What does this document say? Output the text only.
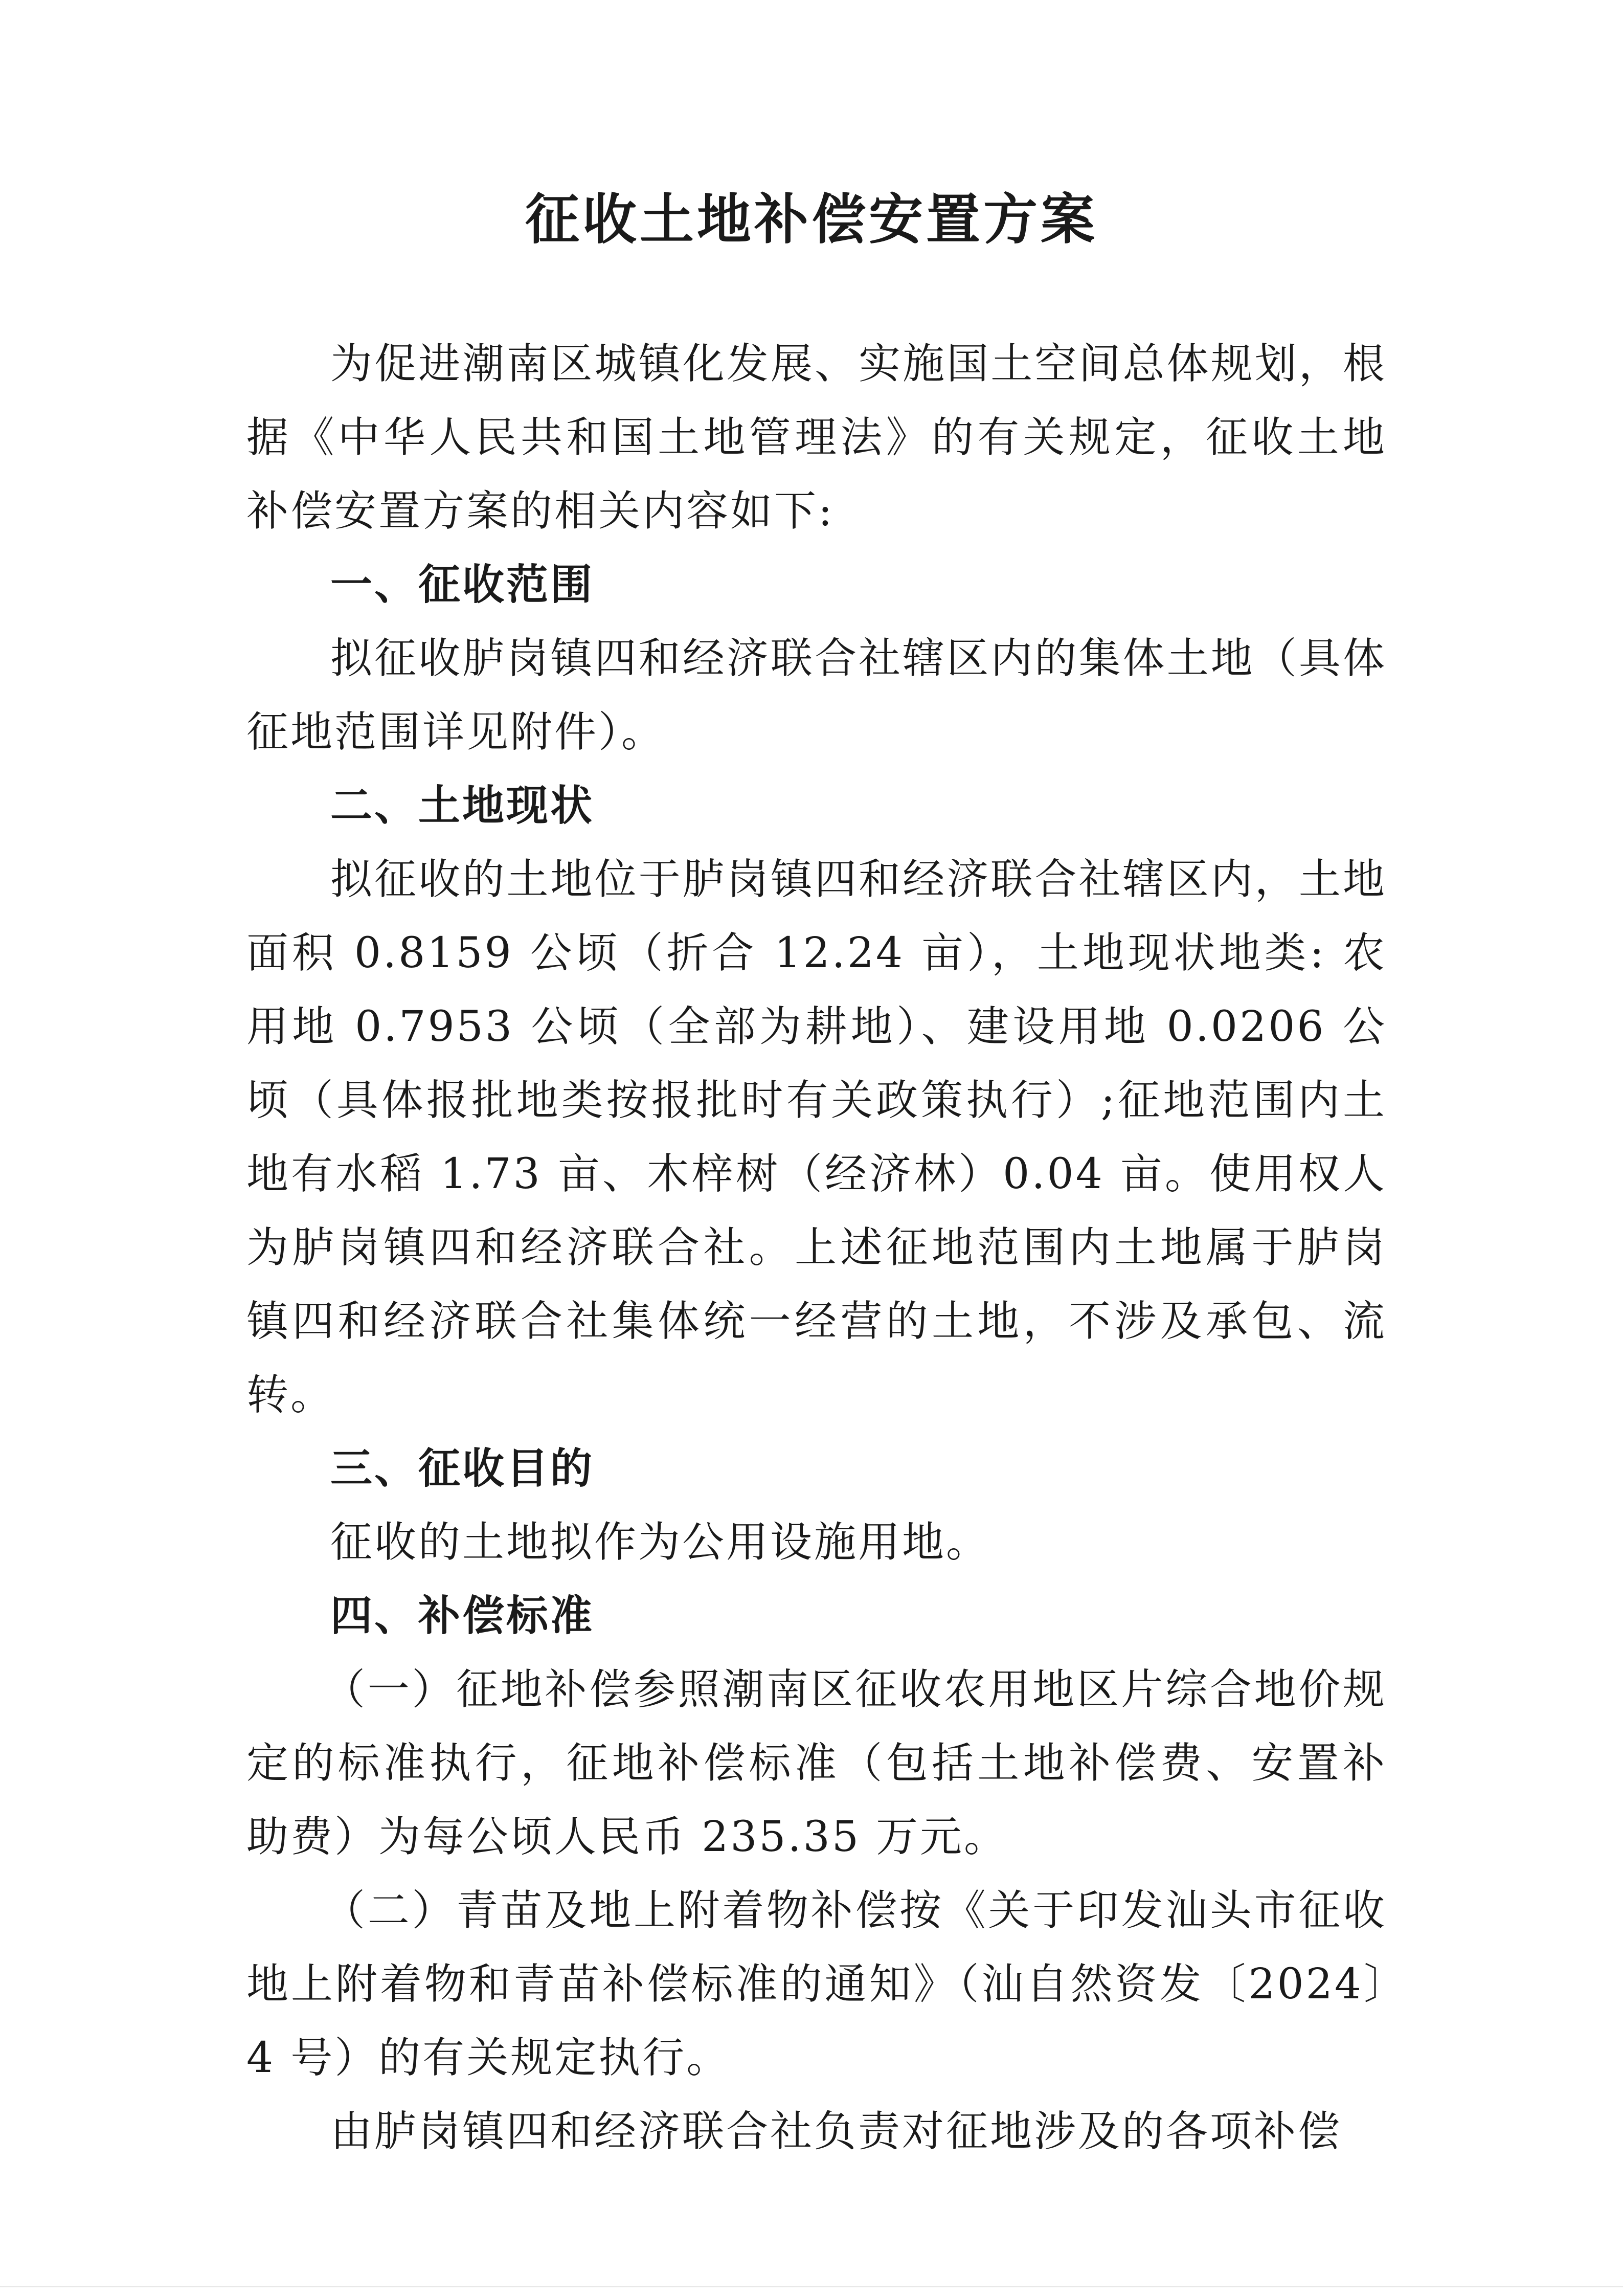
征收土地补偿安置方案

为促进潮南区城镇化发展、实施国土空间总体规划，根据《中华人民共和国土地管理法》的有关规定，征收土地补偿安置方案的相关内容如下:

一、征收范围

拟征收胪岗镇四和经济联合社辖区内的集体土地（具体征地范围详见附件）。

二、土地现状

拟征收的土地位于胪岗镇四和经济联合社辖区内，土地面积 0.8159 公顷（折合 12.24 亩），土地现状地类: 农用地 0.7953 公顷（全部为耕地）、建设用地 0.0206 公顷（具体报批地类按报批时有关政策执行）;征地范围内土地有水稻 1.73 亩、木梓树（经济林）0.04 亩。使用权人为胪岗镇四和经济联合社。上述征地范围内土地属于胪岗镇四和经济联合社集体统一经营的土地，不涉及承包、流转。

三、征收目的

征收的土地拟作为公用设施用地。

四、补偿标准

（一）征地补偿参照潮南区征收农用地区片综合地价规定的标准执行，征地补偿标准（包括土地补偿费、安置补助费）为每公顷人民币 235.35 万元。

（二）青苗及地上附着物补偿按《关于印发汕头市征收地上附着物和青苗补偿标准的通知》（汕自然资发〔2024〕4 号）的有关规定执行。

由胪岗镇四和经济联合社负责对征地涉及的各项补偿
